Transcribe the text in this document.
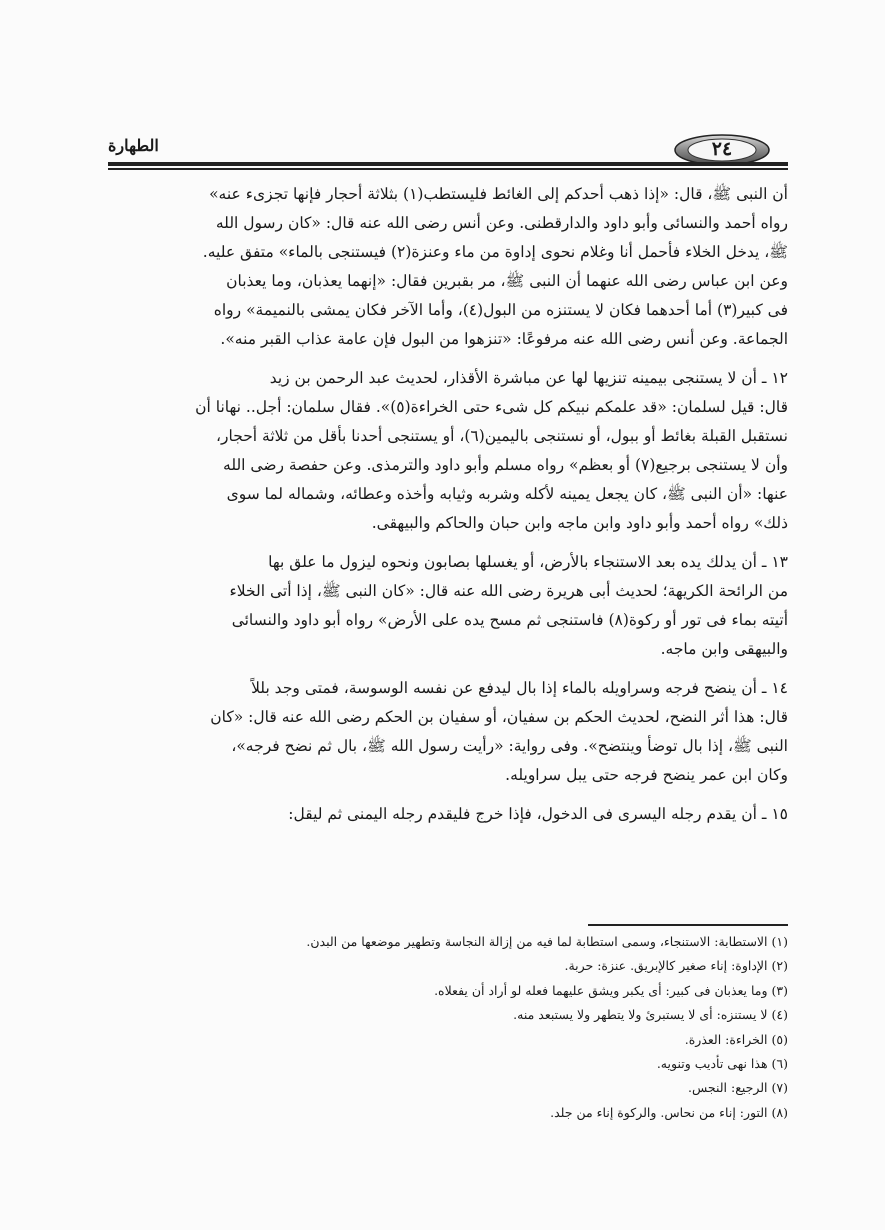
الطهارة	٢٤

أن النبى ﷺ، قال: «إذا ذهب أحدكم إلى الغائط فليستطب(١) بثلاثة أحجار فإنها تجزىء عنه»

رواه أحمد والنسائى وأبو داود والدارقطنى. وعن أنس رضى الله عنه قال: «كان رسول الله

ﷺ، يدخل الخلاء فأحمل أنا وغلام نحوى إداوة من ماء وعنزة(٢) فيستنجى بالماء» متفق عليه.

وعن ابن عباس رضى الله عنهما أن النبى ﷺ، مر بقبرين فقال: «إنهما يعذبان، وما يعذبان

فى كبير(٣) أما أحدهما فكان لا يستنزه من البول(٤)، وأما الآخر فكان يمشى بالنميمة» رواه

الجماعة. وعن أنس رضى الله عنه مرفوعًا: «تنزهوا من البول فإن عامة عذاب القبر منه».

١٢ ـ أن لا يستنجى بيمينه تنزيها لها عن مباشرة الأقذار، لحديث عبد الرحمن بن زيد

قال: قيل لسلمان: «قد علمكم نبيكم كل شىء حتى الخراءة(٥)». فقال سلمان: أجل.. نهانا أن

نستقبل القبلة بغائط أو ببول، أو نستنجى باليمين(٦)، أو يستنجى أحدنا بأقل من ثلاثة أحجار،

وأن لا يستنجى برجيع(٧) أو بعظم» رواه مسلم وأبو داود والترمذى. وعن حفصة رضى الله

عنها: «أن النبى ﷺ، كان يجعل يمينه لأكله وشربه وثيابه وأخذه وعطائه، وشماله لما سوى

ذلك» رواه أحمد وأبو داود وابن ماجه وابن حبان والحاكم والبيهقى.

١٣ ـ أن يدلك يده بعد الاستنجاء بالأرض، أو يغسلها بصابون ونحوه ليزول ما علق بها

من الرائحة الكريهة؛ لحديث أبى هريرة رضى الله عنه قال: «كان النبى ﷺ، إذا أتى الخلاء

أتيته بماء فى تور أو ركوة(٨) فاستنجى ثم مسح يده على الأرض» رواه أبو داود والنسائى

والبيهقى وابن ماجه.

١٤ ـ أن ينضح فرجه وسراويله بالماء إذا بال ليدفع عن نفسه الوسوسة، فمتى وجد بللاً

قال: هذا أثر النضح، لحديث الحكم بن سفيان، أو سفيان بن الحكم رضى الله عنه قال: «كان

النبى ﷺ، إذا بال توضأ وينتضح». وفى رواية: «رأيت رسول الله ﷺ، بال ثم نضح فرجه»،

وكان ابن عمر ينضح فرجه حتى يبل سراويله.

١٥ ـ أن يقدم رجله اليسرى فى الدخول، فإذا خرج فليقدم رجله اليمنى ثم ليقل:

(١) الاستطابة: الاستنجاء، وسمى استطابة لما فيه من إزالة النجاسة وتطهير موضعها من البدن.
(٢) الإداوة: إناء صغير كالإبريق. عنزة: حربة.
(٣) وما يعذبان فى كبير: أى يكبر ويشق عليهما فعله لو أراد أن يفعلاه.
(٤) لا يستنزه: أى لا يستبرئ ولا يتطهر ولا يستبعد منه.
(٥) الخراءة: العذرة.
(٦) هذا نهى تأديب وتنويه.
(٧) الرجيع: النجس.
(٨) التور: إناء من نحاس. والركوة إناء من جلد.
